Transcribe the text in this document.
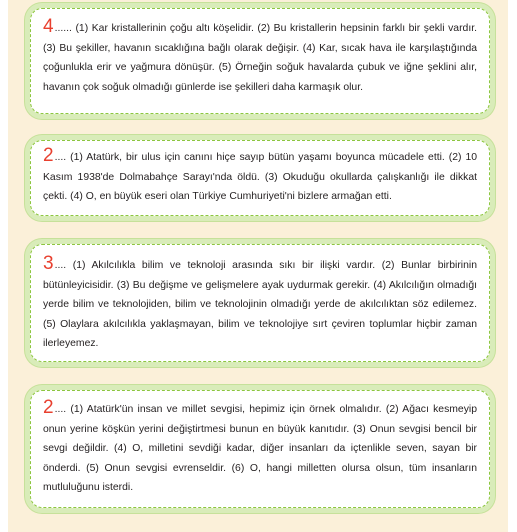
4...... (1) Kar kristallerinin çoğu altı köşelidir. (2) Bu kristallerin hepsinin farklı bir şekli vardır. (3) Bu şekiller, havanın sıcaklığına bağlı olarak değişir. (4) Kar, sıcak hava ile karşılaştığında çoğunlukla erir ve yağmura dönüşür. (5) Örneğin soğuk havalarda çubuk ve iğne şeklini alır, havanın çok soğuk olmadığı günlerde ise şekilleri daha karmaşık olur.

2.... (1) Atatürk, bir ulus için canını hiçe sayıp bütün yaşamı boyunca mücadele etti. (2) 10 Kasım 1938'de Dolmabahçe Sarayı'nda öldü. (3) Okuduğu okullarda çalışkanlığı ile dikkat çekti. (4) O, en büyük eseri olan Türkiye Cumhuriyeti'ni bizlere armağan etti.

3.... (1) Akılcılıkla bilim ve teknoloji arasında sıkı bir ilişki vardır. (2) Bunlar birbirinin bütünleyicisidir. (3) Bu değişme ve gelişmelere ayak uydurmak gerekir. (4) Akılcılığın olmadığı yerde bilim ve teknolojiden, bilim ve teknolojinin olmadığı yerde de akılcılıktan söz edilemez. (5) Olaylara akılcılıkla yaklaşmayan, bilim ve teknolojiye sırt çeviren toplumlar hiçbir zaman ilerleyemez.

2.... (1) Atatürk'ün insan ve millet sevgisi, hepimiz için örnek olmalıdır. (2) Ağacı kesmeyip onun yerine köşkün yerini değiştirtmesi bunun en büyük kanıtıdır. (3) Onun sevgisi bencil bir sevgi değildir. (4) O, milletini sevdiği kadar, diğer insanları da içtenlikle seven, sayan bir önderdi. (5) Onun sevgisi evrenseldir. (6) O, hangi milletten olursa olsun, tüm insanların mutluluğunu isterdi.
